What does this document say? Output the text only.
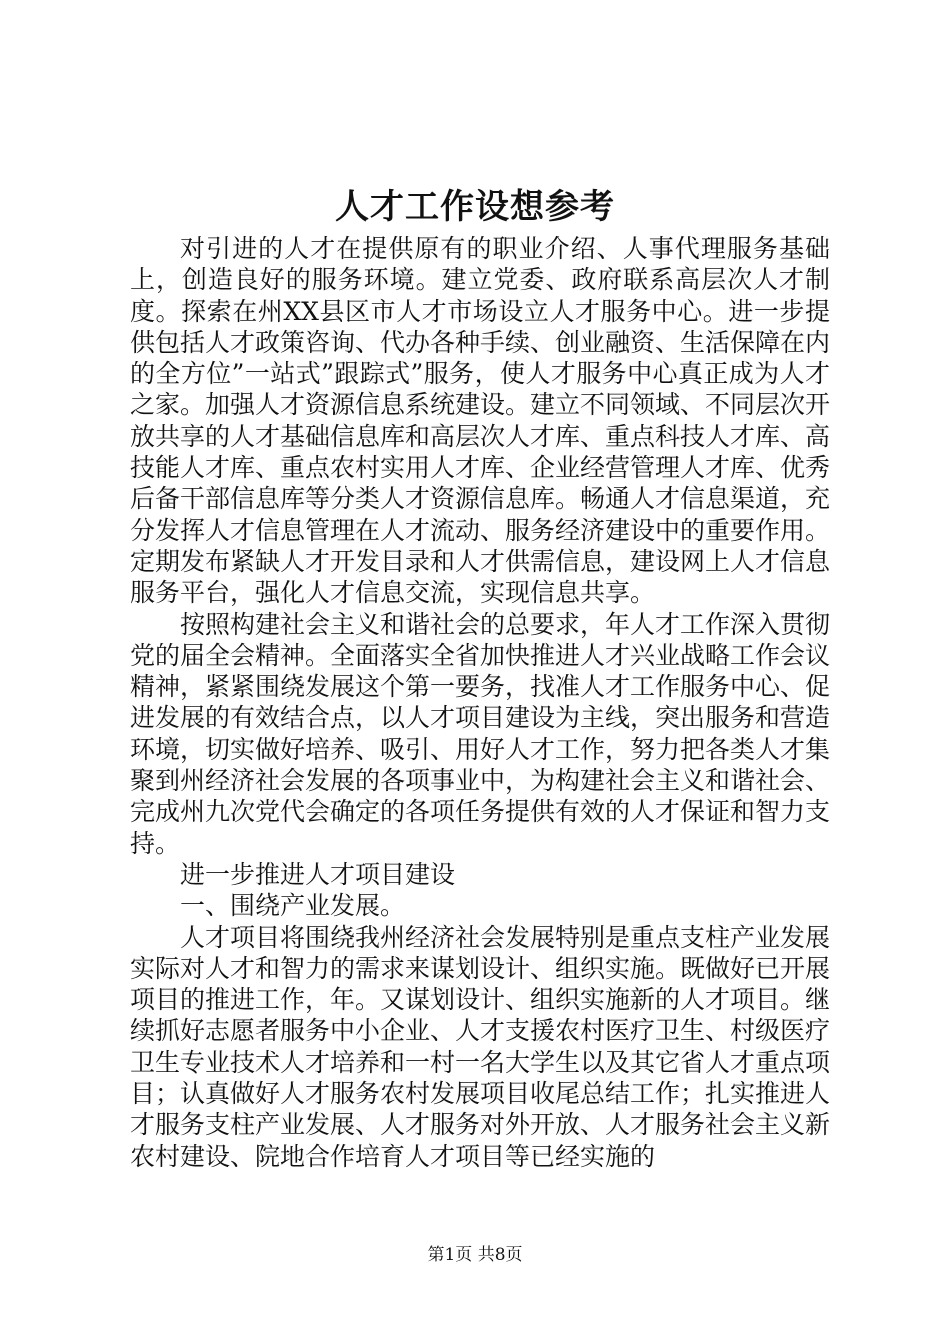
人才工作设想参考

对引进的人才在提供原有的职业介绍、人事代理服务基础上，创造良好的服务环境。建立党委、政府联系高层次人才制度。探索在州XX县区市人才市场设立人才服务中心。进一步提供包括人才政策咨询、代办各种手续、创业融资、生活保障在内的全方位”一站式”跟踪式”服务，使人才服务中心真正成为人才之家。加强人才资源信息系统建设。建立不同领域、不同层次开放共享的人才基础信息库和高层次人才库、重点科技人才库、高技能人才库、重点农村实用人才库、企业经营管理人才库、优秀后备干部信息库等分类人才资源信息库。畅通人才信息渠道，充分发挥人才信息管理在人才流动、服务经济建设中的重要作用。定期发布紧缺人才开发目录和人才供需信息，建设网上人才信息服务平台，强化人才信息交流，实现信息共享。

按照构建社会主义和谐社会的总要求，年人才工作深入贯彻党的届全会精神。全面落实全省加快推进人才兴业战略工作会议精神，紧紧围绕发展这个第一要务，找准人才工作服务中心、促进发展的有效结合点，以人才项目建设为主线，突出服务和营造环境，切实做好培养、吸引、用好人才工作，努力把各类人才集聚到州经济社会发展的各项事业中，为构建社会主义和谐社会、完成州九次党代会确定的各项任务提供有效的人才保证和智力支持。

进一步推进人才项目建设

一、围绕产业发展。

人才项目将围绕我州经济社会发展特别是重点支柱产业发展实际对人才和智力的需求来谋划设计、组织实施。既做好已开展项目的推进工作，年。又谋划设计、组织实施新的人才项目。继续抓好志愿者服务中小企业、人才支援农村医疗卫生、村级医疗卫生专业技术人才培养和一村一名大学生以及其它省人才重点项目；认真做好人才服务农村发展项目收尾总结工作；扎实推进人才服务支柱产业发展、人才服务对外开放、人才服务社会主义新农村建设、院地合作培育人才项目等已经实施的

第1页 共8页
